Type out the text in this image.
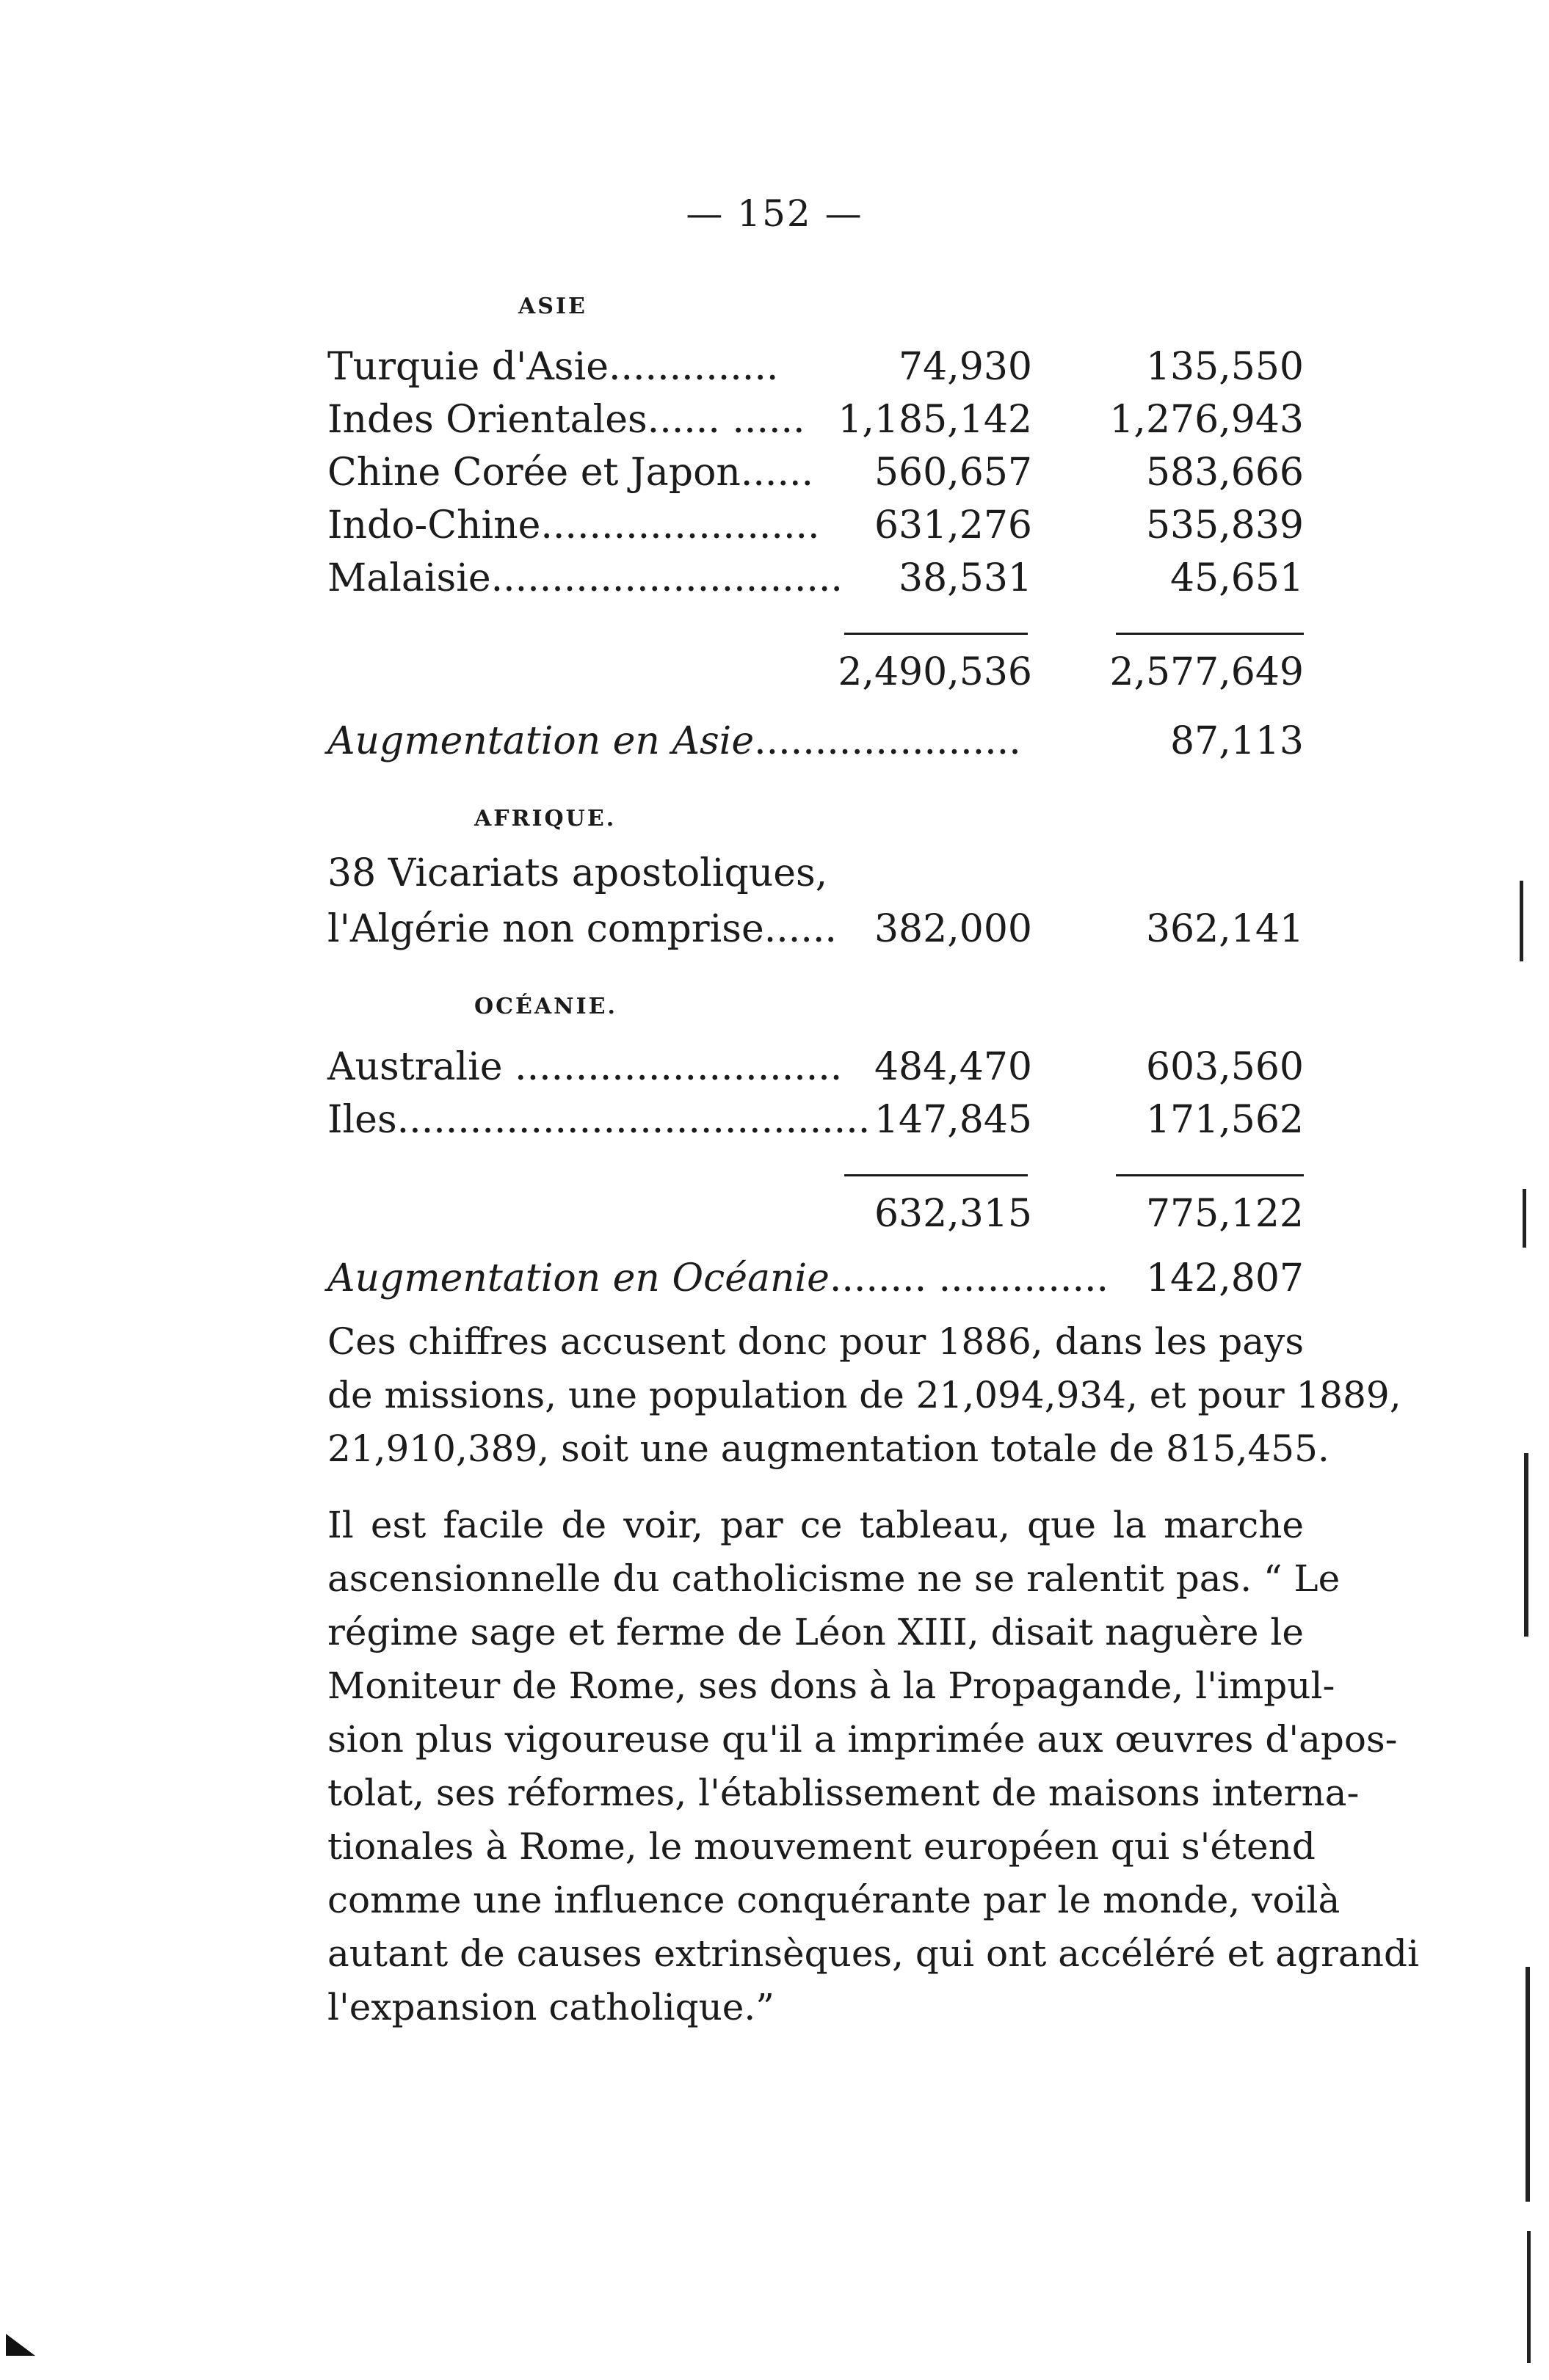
— 152 —
ASIE
Turquie d'Asie..............	74,930	135,550
Indes Orientales...... ...... 1,185,142 1,276,943
Chine Corée et Japon...... 560,657	583,666
Indo-Chine....................... 631,276	535,839
Malaisie............................. 38,531	45,651
2,490,536 2,577,649
Augmentation en Asie......................	87,113
AFRIQUE.
38 Vicariats apostoliques,
l'Algérie non comprise...... 382,000	362,141
OCÉANIE.
Australie ........................... 484,470	603,560
Iles....................................... 147,845	171,562
632,315	775,122
Augmentation en Océanie........ .............. 142,807
Ces chiffres accusent donc pour 1886, dans les pays
de missions, une population de 21,094,934, et pour 1889,
21,910,389, soit une augmentation totale de 815,455.
Il est facile de voir, par ce tableau, que la marche
ascensionnelle du catholicisme ne se ralentit pas. “ Le
régime sage et ferme de Léon XIII, disait naguère le
Moniteur de Rome, ses dons à la Propagande, l'impul-
sion plus vigoureuse qu'il a imprimée aux œuvres d'apos-
tolat, ses réformes, l'établissement de maisons interna-
tionales à Rome, le mouvement européen qui s'étend
comme une influence conquérante par le monde, voilà
autant de causes extrinsèques, qui ont accéléré et agrandi
l'expansion catholique.”
